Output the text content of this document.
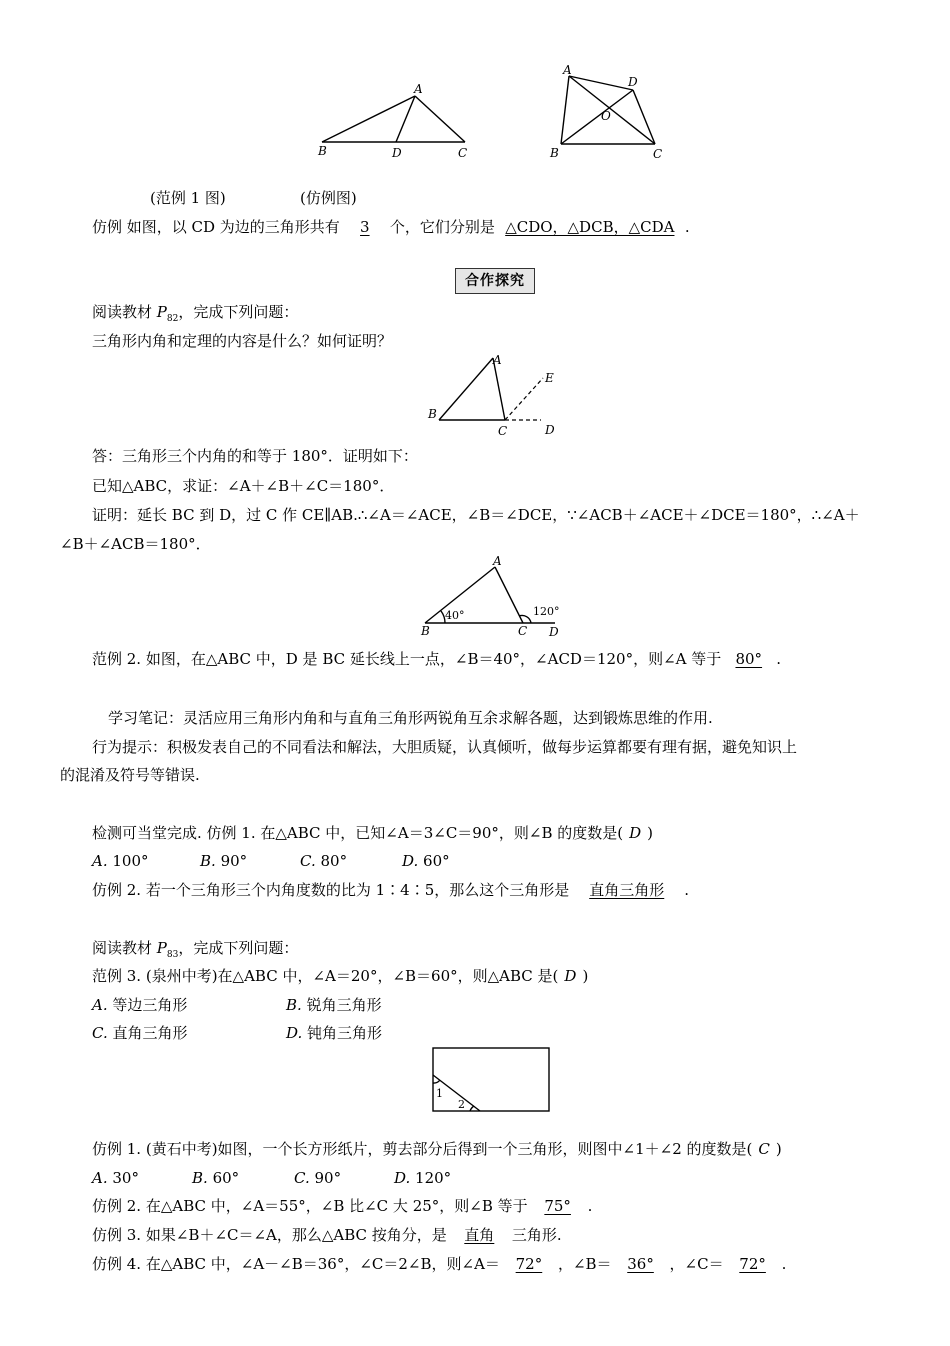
A
B	D	C
A
D
O
B	C
(范例 1 图)	(仿例图)
仿例 如图，以 CD 为边的三角形共有 3 个，它们分别是 △CDO，△DCB，△CDA .
合作探究
阅读教材 $P_{82}$，完成下列问题：
三角形内角和定理的内容是什么？如何证明？
A
B
C	D
E
答：三角形三个内角的和等于 180°．证明如下：
已知△ABC，求证：∠A＋∠B＋∠C＝180°．
证明：延长 BC 到 D，过 C 作 CE∥AB.∴∠A＝∠ACE，∠B＝∠DCE，∵∠ACB＋∠ACE＋∠DCE＝180°，∴∠A＋
∠B＋∠ACB＝180°．
A
B	C D
40°	120°
范例 2. 如图，在△ABC 中，D 是 BC 延长线上一点，∠B＝40°，∠ACD＝120°，则∠A 等于 80° .
学习笔记：灵活应用三角形内角和与直角三角形两锐角互余求解各题，达到锻炼思维的作用.
行为提示：积极发表自己的不同看法和解法，大胆质疑，认真倾听，做每步运算都要有理有据，避免知识上
的混淆及符号等错误.
检测可当堂完成. 仿例 1. 在△ABC 中，已知∠A＝3∠C＝90°，则∠B 的度数是( D )
A. 100°	B. 90°	C. 80°	D. 60°
仿例 2. 若一个三角形三个内角度数的比为 1∶4∶5，那么这个三角形是 直角三角形 .
阅读教材 $P_{83}$，完成下列问题：
范例 3. (泉州中考)在△ABC 中，∠A＝20°，∠B＝60°，则△ABC 是( D )
A. 等边三角形	B. 锐角三角形
C. 直角三角形	D. 钝角三角形
1
2
仿例 1. (黄石中考)如图，一个长方形纸片，剪去部分后得到一个三角形，则图中∠1＋∠2 的度数是( C )
A. 30°	B. 60°	C. 90°	D. 120°
仿例 2. 在△ABC 中，∠A＝55°，∠B 比∠C 大 25°，则∠B 等于 75° .
仿例 3. 如果∠B＋∠C＝∠A，那么△ABC 按角分，是 直角 三角形.
仿例 4. 在△ABC 中，∠A－∠B＝36°，∠C＝2∠B，则∠A＝ 72° ，∠B＝ 36° ，∠C＝ 72° .
